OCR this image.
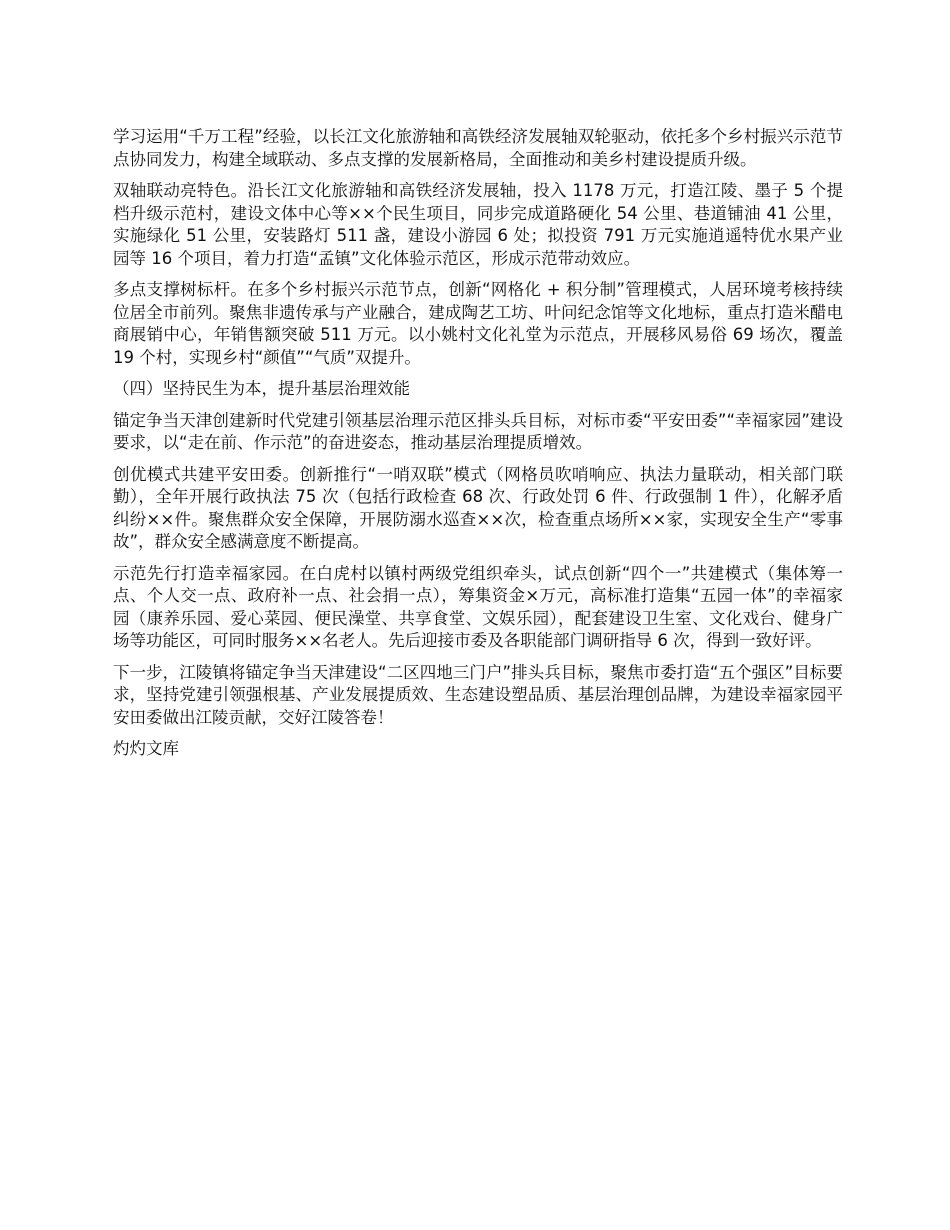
学习运用“千万工程”经验，以长江文化旅游轴和高铁经济发展轴双轮驱动，依托多个乡村振兴示范节点协同发力，构建全域联动、多点支撑的发展新格局，全面推动和美乡村建设提质升级。

双轴联动亮特色。沿长江文化旅游轴和高铁经济发展轴，投入 1178 万元，打造江陵、墨子 5 个提档升级示范村，建设文体中心等××个民生项目，同步完成道路硬化 54 公里、巷道铺油 41 公里，实施绿化 51 公里，安装路灯 511 盏，建设小游园 6 处；拟投资 791 万元实施逍遥特优水果产业园等 16 个项目，着力打造“孟镇”文化体验示范区，形成示范带动效应。

多点支撑树标杆。在多个乡村振兴示范节点，创新“网格化 + 积分制”管理模式，人居环境考核持续位居全市前列。聚焦非遗传承与产业融合，建成陶艺工坊、叶问纪念馆等文化地标，重点打造米醋电商展销中心，年销售额突破 511 万元。以小姚村文化礼堂为示范点，开展移风易俗 69 场次，覆盖 19 个村，实现乡村“颜值”“气质”双提升。

（四）坚持民生为本，提升基层治理效能

锚定争当天津创建新时代党建引领基层治理示范区排头兵目标，对标市委“平安田委”“幸福家园”建设要求，以“走在前、作示范”的奋进姿态，推动基层治理提质增效。

创优模式共建平安田委。创新推行“一哨双联”模式（网格员吹哨响应、执法力量联动，相关部门联勤），全年开展行政执法 75 次（包括行政检查 68 次、行政处罚 6 件、行政强制 1 件），化解矛盾纠纷××件。聚焦群众安全保障，开展防溺水巡查××次，检查重点场所××家，实现安全生产“零事故”，群众安全感满意度不断提高。

示范先行打造幸福家园。在白虎村以镇村两级党组织牵头，试点创新“四个一”共建模式（集体筹一点、个人交一点、政府补一点、社会捐一点），筹集资金×万元，高标准打造集“五园一体”的幸福家园（康养乐园、爱心菜园、便民澡堂、共享食堂、文娱乐园），配套建设卫生室、文化戏台、健身广场等功能区，可同时服务××名老人。先后迎接市委及各职能部门调研指导 6 次，得到一致好评。

下一步，江陵镇将锚定争当天津建设“二区四地三门户”排头兵目标，聚焦市委打造“五个强区”目标要求，坚持党建引领强根基、产业发展提质效、生态建设塑品质、基层治理创品牌，为建设幸福家园平安田委做出江陵贡献，交好江陵答卷！

灼灼文库
